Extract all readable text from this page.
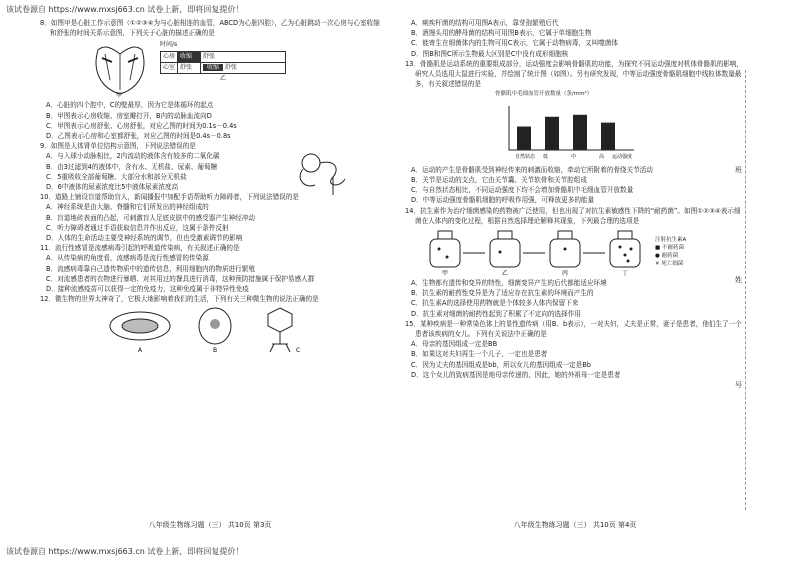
该试卷源自 https://www.mxsj663.cn 试卷上新，即将回复提价！
该试卷源自 https://www.mxsj663.cn 试卷上新，即将回复提价！
8．如图甲是心脏工作示意图（①②③④为与心脏相连的血管，ABCD为心脏四腔），乙为心脏跳动一次心房与心室收缩和舒张的时间关系示意图，下列关于心脏的描述正确的是
甲
时间/s
心房	收缩	舒张
心室	舒张	收缩 舒张
乙
A．心脏的四个腔中，C的壁最厚，因为它是体循环的起点
B．甲图表示心房收缩、房室瓣打开，B内的动脉血流向D
C．甲图表示心房舒张、心房舒张，对应乙图的时间为0.1s－0.4s
D．乙图表示心房和心室都舒张，对应乙图的时间是0.4s－0.8s
9．如图是人体肾单位结构示意图，下列说法错误的是
A．与入球小动脉相比，2内流动的液体含有较多的二氧化碳
B．由3过滤到4的液体中，含有水、无机盐、尿素、葡萄糖
C．5重吸收全部葡萄糖、大部分水和部分无机盐
D．6中液体的尿素浓度比5中液体尿素浓度高
10．道路上铺设盲道帮助盲人，新闻播报中加配手语帮助听力障碍者，下列说法错误的是
A．神经系统是由大脑、脊髓和它们所发出的神经组成的
B．盲道地砖表面的凸起，可刺激盲人足底皮肤中的感受器产生神经冲动
C．听力障碍者通过手语获取信息并作出反应，这属于条件反射
D．人体的生命活动主要受神经系统的调节，但也受激素调节的影响
11．流行性感冒是流感病毒引起的呼吸道传染病，有关叙述正确的是
A．从传染病的角度看，流感病毒是流行性感冒的传染源
B．流感病毒靠自己遗传物质中的遗传信息，利用细胞内的物质进行繁殖
C．对流感患者的衣物进行暴晒、对其用过的餐具进行消毒，这种预防措施属于保护易感人群
D．接种流感疫苗可以获得一定的免疫力，这种免疫属于非特异性免疫
12．微生物的世界太神奇了，它极大地影响着我们的生活，下列有关三种微生物的说法正确的是
A	B	C
八年级生物练习题（三） 共10页 第3页
A．痢疾杆菌的结构可用图A表示，靠芽孢繁殖后代
B．酒馒头用的酵母菌的结构可用图B表示，它属于单细胞生物
C．能寄生在细菌体内的生物可用C表示，它属于动物病毒，又叫噬菌体
D．图B和图C所示生物最大区别是C中没有成形细胞核
13．骨骼肌是运动系统的重要组成部分，运动强度会影响骨骼肌的功能，为探究不同运动强度对机体骨骼肌的影响，研究人员选用大鼠进行实验，并绘制了统计图（如图）。另有研究发现，中等运动强度骨骼肌细胞中线粒体数量最多，有关叙述错误的是
骨骼肌中毛细血管开放数量（条/mm²）
自然状态 低	中	高 运动强度
A．运动的产生是骨骼肌受到神经传来的刺激而收缩，牵动它所附着的骨绕关节活动
B．关节是运动的支点，它由关节囊、关节软骨和关节腔组成
C．与自然状态相比，不同运动强度下均不会增加骨骼肌中毛细血管开放数量
D．中等运动强度骨骼肌细胞的呼吸作用强，可释放更多的能量
14．抗生素作为治疗细菌感染的药物被广泛使用，但也出现了对抗生素敏感性下降的“耐药菌”。如图①②③④表示细菌在人体内的变化过程，根据自然选择理论解释其现象，下列最合理的选项是
甲	乙	丙	丁
注射抗生素A
■ 不耐药菌
● 耐药菌
✕ 死亡细菌
A．生物都有遗传和变异的特性，细菌变异产生的后代都能适应环境
B．抗生素的耐药性变异是为了适应存在抗生素的环境而产生的
C．抗生素A的选择使用药物就是个体较多人体内保留下来
D．抗生素对细菌的耐药性起到了积累了不定向的选择作用
15．某种疾病是一种常染色体上的显性遗传病（用B、b表示），一对夫妇，丈夫是正常，妻子是患者，他们生了一个患者该疾病的女儿。下列有关说法中正确的是
A．母亲的基因组成一定是BB
B．如果这对夫妇再生一个儿子，一定也是患者
C．因为丈夫的基因组成是bb，所以女儿的基因组成一定是Bb
D．这个女儿的致病基因是地母亲传递的，因此，她的外祖母一定是患者
八年级生物练习题（三） 共10页 第4页
班
姓
号
